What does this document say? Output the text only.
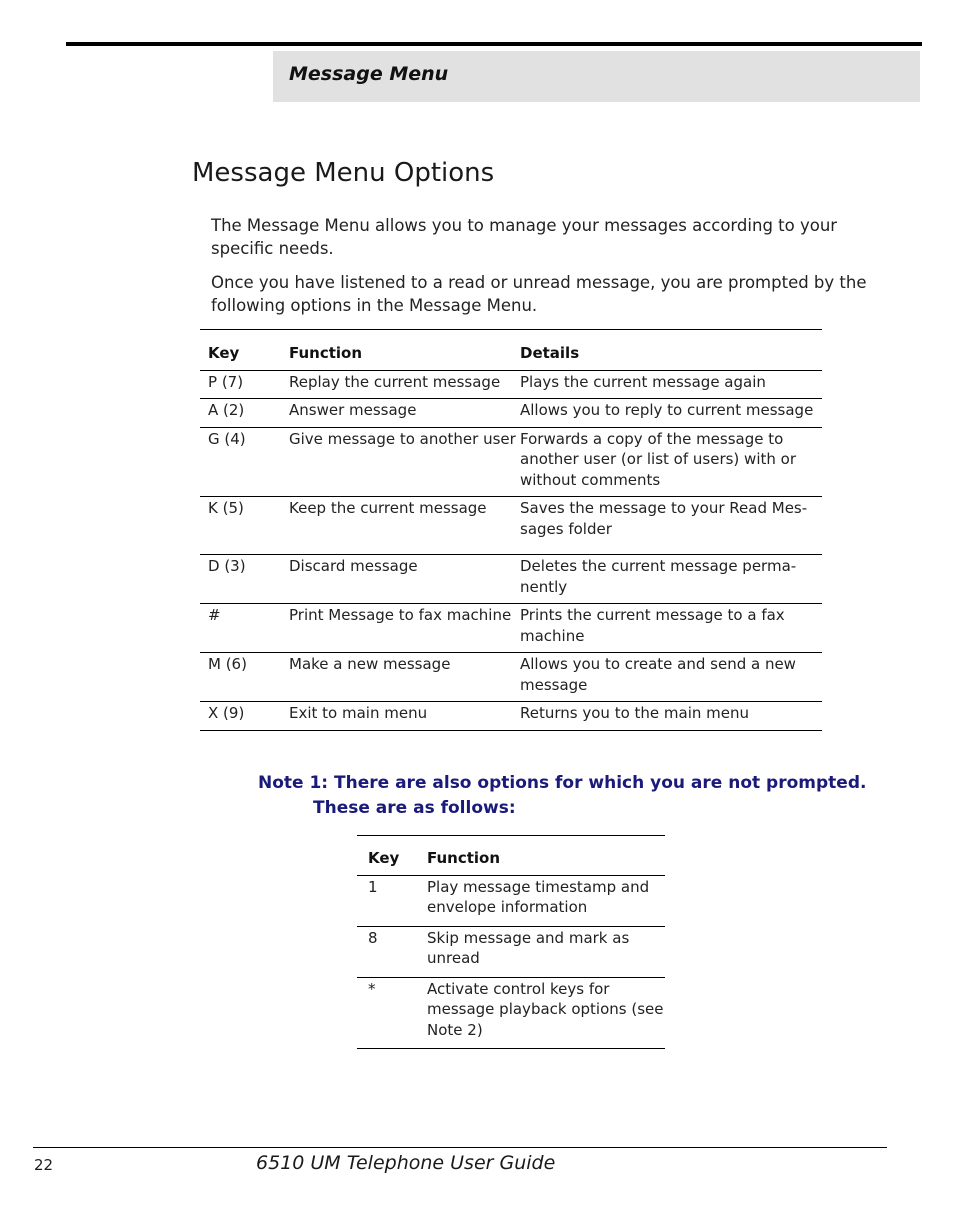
Message Menu

Message Menu Options

The Message Menu allows you to manage your messages according to your specific needs.

Once you have listened to a read or unread message, you are prompted by the following options in the Message Menu.

Key	Function	Details
P (7)	Replay the current message	Plays the current message again
A (2)	Answer message	Allows you to reply to current message
G (4)	Give message to another user	Forwards a copy of the message to another user (or list of users) with or without comments
K (5)	Keep the current message	Saves the message to your Read Mes-sages folder
D (3)	Discard message	Deletes the current message perma-nently
#	Print Message to fax machine	Prints the current message to a fax machine
M (6)	Make a new message	Allows you to create and send a new message
X (9)	Exit to main menu	Returns you to the main menu

Note 1: There are also options for which you are not prompted.
These are as follows:

Key	Function
1	Play message timestamp and envelope information
8	Skip message and mark as unread
*	Activate control keys for message playback options (see Note 2)

22	6510 UM Telephone User Guide
